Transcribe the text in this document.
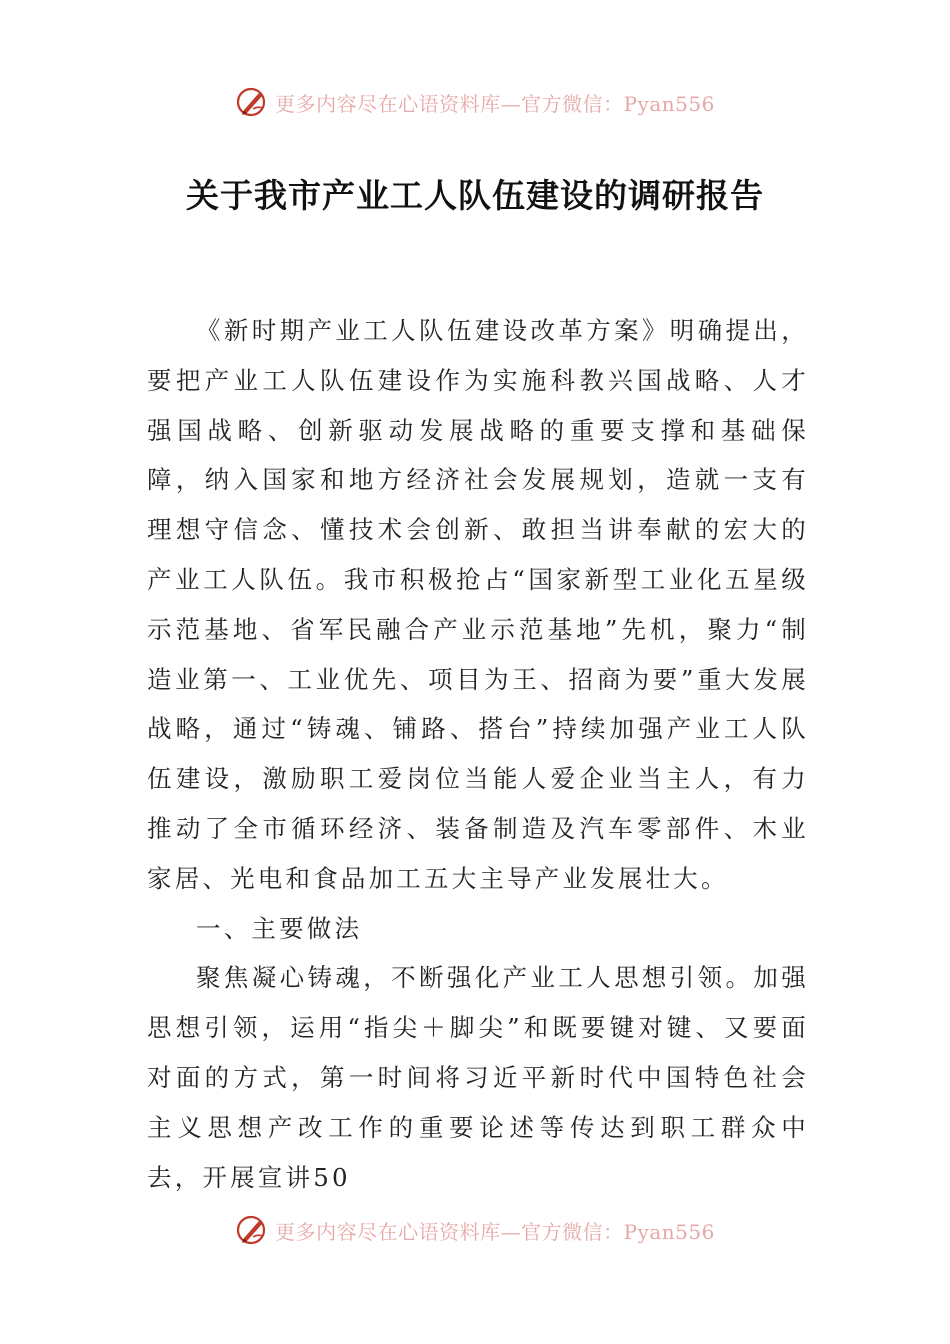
更多内容尽在心语资料库—官方微信：Pyan556
关于我市产业工人队伍建设的调研报告

《新时期产业工人队伍建设改革方案》明确提出，要把产业工人队伍建设作为实施科教兴国战略、人才强国战略、创新驱动发展战略的重要支撑和基础保障，纳入国家和地方经济社会发展规划，造就一支有理想守信念、懂技术会创新、敢担当讲奉献的宏大的产业工人队伍。我市积极抢占“国家新型工业化五星级示范基地、省军民融合产业示范基地”先机，聚力“制造业第一、工业优先、项目为王、招商为要”重大发展战略，通过“铸魂、铺路、搭台”持续加强产业工人队伍建设，激励职工爱岗位当能人爱企业当主人，有力推动了全市循环经济、装备制造及汽车零部件、木业家居、光电和食品加工五大主导产业发展壮大。

一、主要做法

聚焦凝心铸魂，不断强化产业工人思想引领。加强思想引领，运用“指尖＋脚尖”和既要键对键、又要面对面的方式，第一时间将习近平新时代中国特色社会主义思想产改工作的重要论述等传达到职工群众中去，开展宣讲50

更多内容尽在心语资料库—官方微信：Pyan556
